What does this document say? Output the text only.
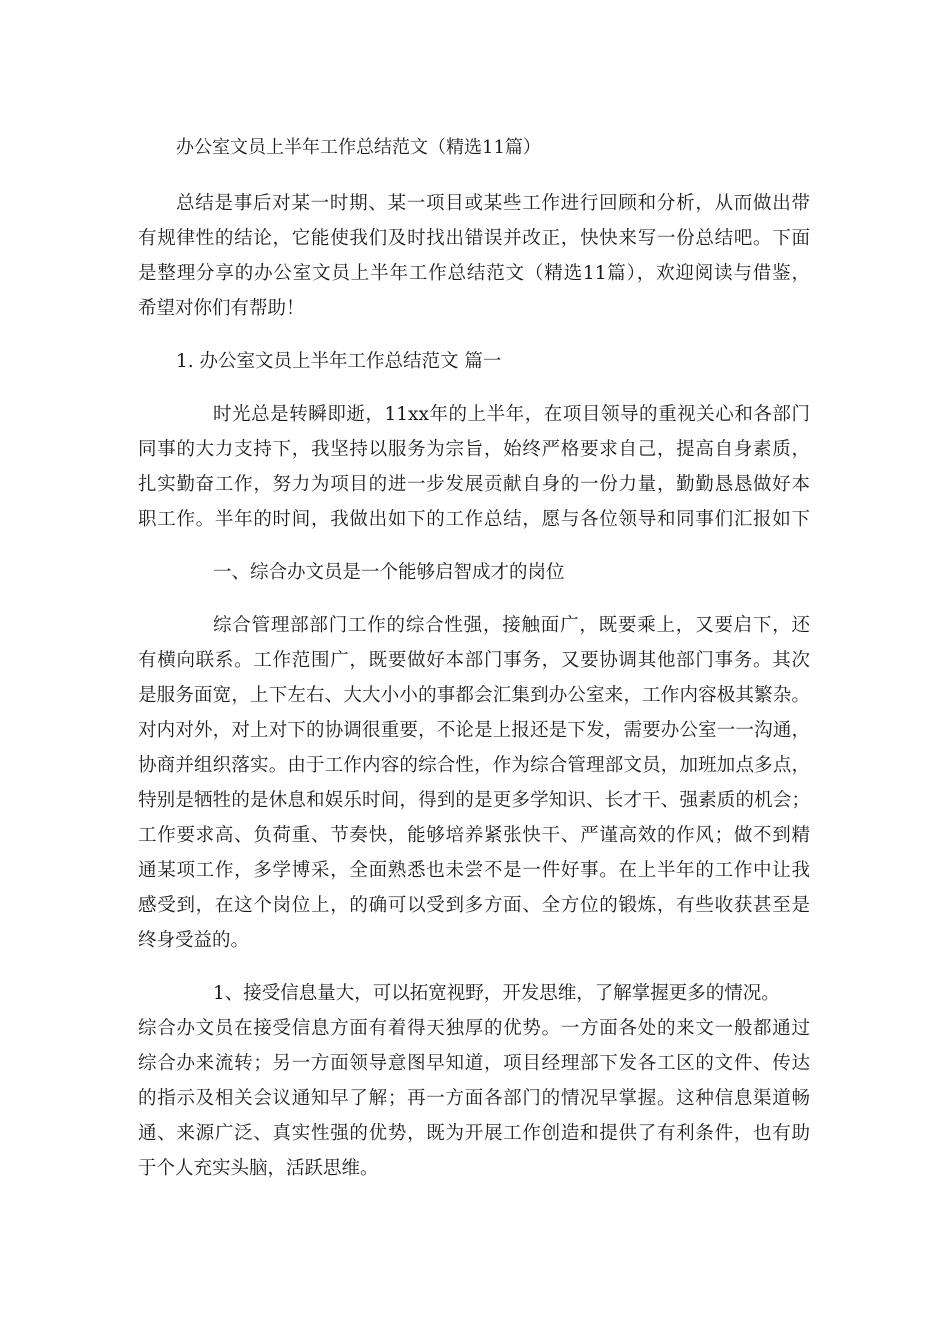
办公室文员上半年工作总结范文（精选11篇）

总结是事后对某一时期、某一项目或某些工作进行回顾和分析，从而做出带

有规律性的结论，它能使我们及时找出错误并改正，快快来写一份总结吧。下面

是整理分享的办公室文员上半年工作总结范文（精选11篇），欢迎阅读与借鉴，

希望对你们有帮助！

1. 办公室文员上半年工作总结范文 篇一

时光总是转瞬即逝，11xx年的上半年，在项目领导的重视关心和各部门

同事的大力支持下，我坚持以服务为宗旨，始终严格要求自己，提高自身素质，

扎实勤奋工作，努力为项目的进一步发展贡献自身的一份力量，勤勤恳恳做好本

职工作。半年的时间，我做出如下的工作总结，愿与各位领导和同事们汇报如下

一、综合办文员是一个能够启智成才的岗位

综合管理部部门工作的综合性强，接触面广，既要乘上，又要启下，还

有横向联系。工作范围广，既要做好本部门事务，又要协调其他部门事务。其次

是服务面宽，上下左右、大大小小的事都会汇集到办公室来，工作内容极其繁杂。

对内对外，对上对下的协调很重要，不论是上报还是下发，需要办公室一一沟通，

协商并组织落实。由于工作内容的综合性，作为综合管理部文员，加班加点多点，

特别是牺牲的是休息和娱乐时间，得到的是更多学知识、长才干、强素质的机会；

工作要求高、负荷重、节奏快，能够培养紧张快干、严谨高效的作风；做不到精

通某项工作，多学博采，全面熟悉也未尝不是一件好事。在上半年的工作中让我

感受到，在这个岗位上，的确可以受到多方面、全方位的锻炼，有些收获甚至是

终身受益的。

1、接受信息量大，可以拓宽视野，开发思维，了解掌握更多的情况。

综合办文员在接受信息方面有着得天独厚的优势。一方面各处的来文一般都通过

综合办来流转；另一方面领导意图早知道，项目经理部下发各工区的文件、传达

的指示及相关会议通知早了解；再一方面各部门的情况早掌握。这种信息渠道畅

通、来源广泛、真实性强的优势，既为开展工作创造和提供了有利条件，也有助

于个人充实头脑，活跃思维。
